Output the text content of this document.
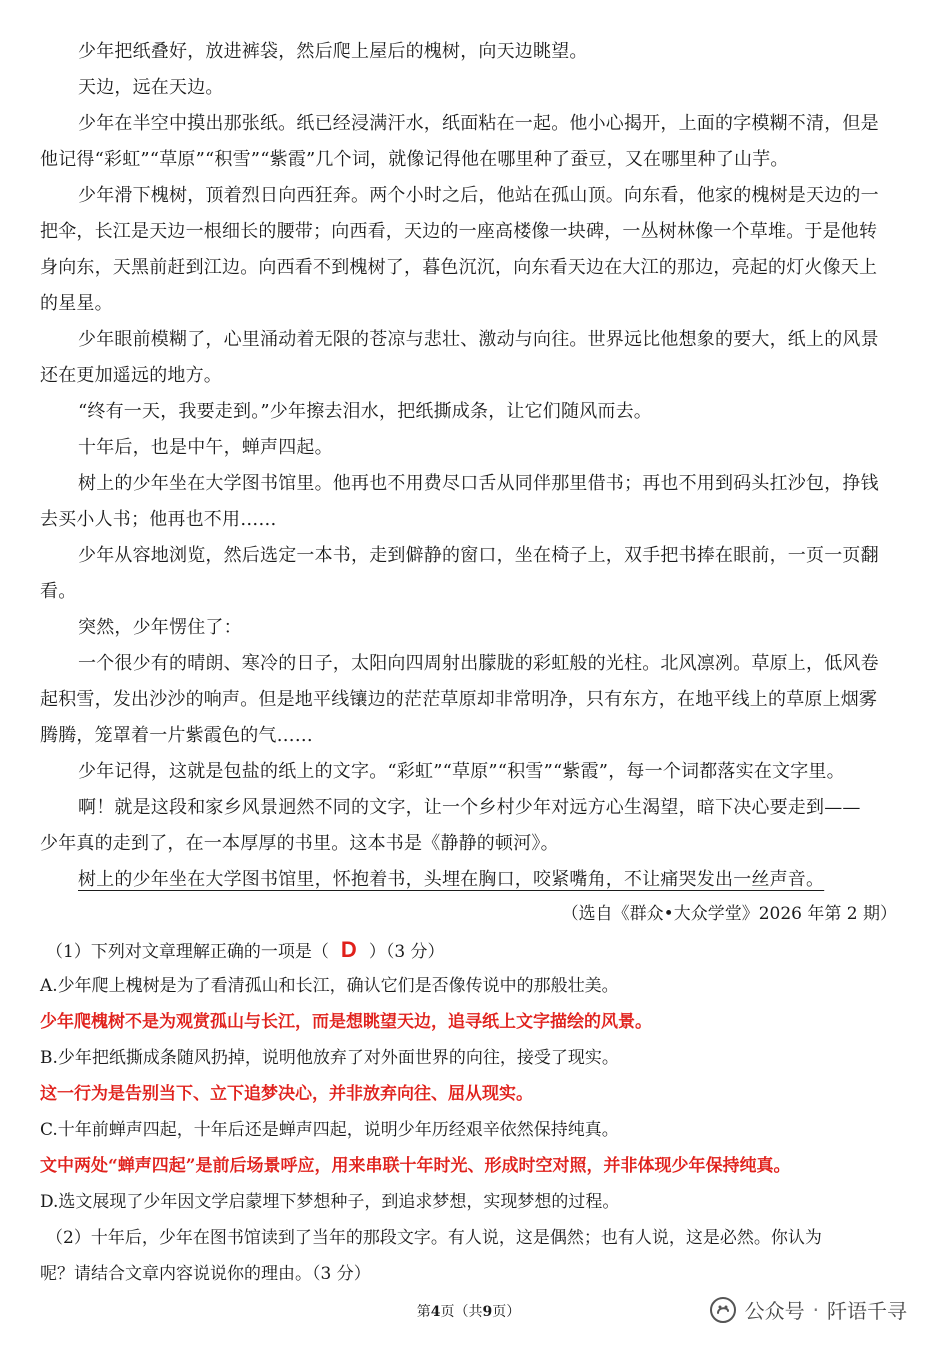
少年把纸叠好，放进裤袋，然后爬上屋后的槐树，向天边眺望。

天边，远在天边。

少年在半空中摸出那张纸。纸已经浸满汗水，纸面粘在一起。他小心揭开，上面的字模糊不清，但是

他记得“彩虹”“草原”“积雪”“紫霞”几个词，就像记得他在哪里种了蚕豆，又在哪里种了山芋。

少年滑下槐树，顶着烈日向西狂奔。两个小时之后，他站在孤山顶。向东看，他家的槐树是天边的一

把伞，长江是天边一根细长的腰带；向西看，天边的一座高楼像一块碑，一丛树林像一个草堆。于是他转

身向东，天黑前赶到江边。向西看不到槐树了，暮色沉沉，向东看天边在大江的那边，亮起的灯火像天上

的星星。

少年眼前模糊了，心里涌动着无限的苍凉与悲壮、激动与向往。世界远比他想象的要大，纸上的风景

还在更加遥远的地方。

“终有一天，我要走到。”少年擦去泪水，把纸撕成条，让它们随风而去。

十年后，也是中午，蝉声四起。

树上的少年坐在大学图书馆里。他再也不用费尽口舌从同伴那里借书；再也不用到码头扛沙包，挣钱

去买小人书；他再也不用……

少年从容地浏览，然后选定一本书，走到僻静的窗口，坐在椅子上，双手把书捧在眼前，一页一页翻

看。

突然，少年愣住了：

一个很少有的晴朗、寒冷的日子，太阳向四周射出朦胧的彩虹般的光柱。北风凛冽。草原上，低风卷

起积雪，发出沙沙的响声。但是地平线镶边的茫茫草原却非常明净，只有东方，在地平线上的草原上烟雾

腾腾，笼罩着一片紫霞色的气……

少年记得，这就是包盐的纸上的文字。“彩虹”“草原”“积雪”“紫霞”，每一个词都落实在文字里。

啊！就是这段和家乡风景迥然不同的文字，让一个乡村少年对远方心生渴望，暗下决心要走到——

少年真的走到了，在一本厚厚的书里。这本书是《静静的顿河》。

树上的少年坐在大学图书馆里，怀抱着书，头埋在胸口，咬紧嘴角，不让痛哭发出一丝声音。

（选自《群众•大众学堂》2026 年第 2 期）
（1）下列对文章理解正确的一项是（ D ）（3 分）
A.少年爬上槐树是为了看清孤山和长江，确认它们是否像传说中的那般壮美。
少年爬槐树不是为观赏孤山与长江，而是想眺望天边，追寻纸上文字描绘的风景。
B.少年把纸撕成条随风扔掉，说明他放弃了对外面世界的向往，接受了现实。
这一行为是告别当下、立下追梦决心，并非放弃向往、屈从现实。
C.十年前蝉声四起，十年后还是蝉声四起，说明少年历经艰辛依然保持纯真。
文中两处“蝉声四起”是前后场景呼应，用来串联十年时光、形成时空对照，并非体现少年保持纯真。
D.选文展现了少年因文学启蒙埋下梦想种子，到追求梦想，实现梦想的过程。
（2）十年后，少年在图书馆读到了当年的那段文字。有人说，这是偶然；也有人说，这是必然。你认为
呢？请结合文章内容说说你的理由。（3 分）
第4页（共9页）	公众号 · 阡语千寻
